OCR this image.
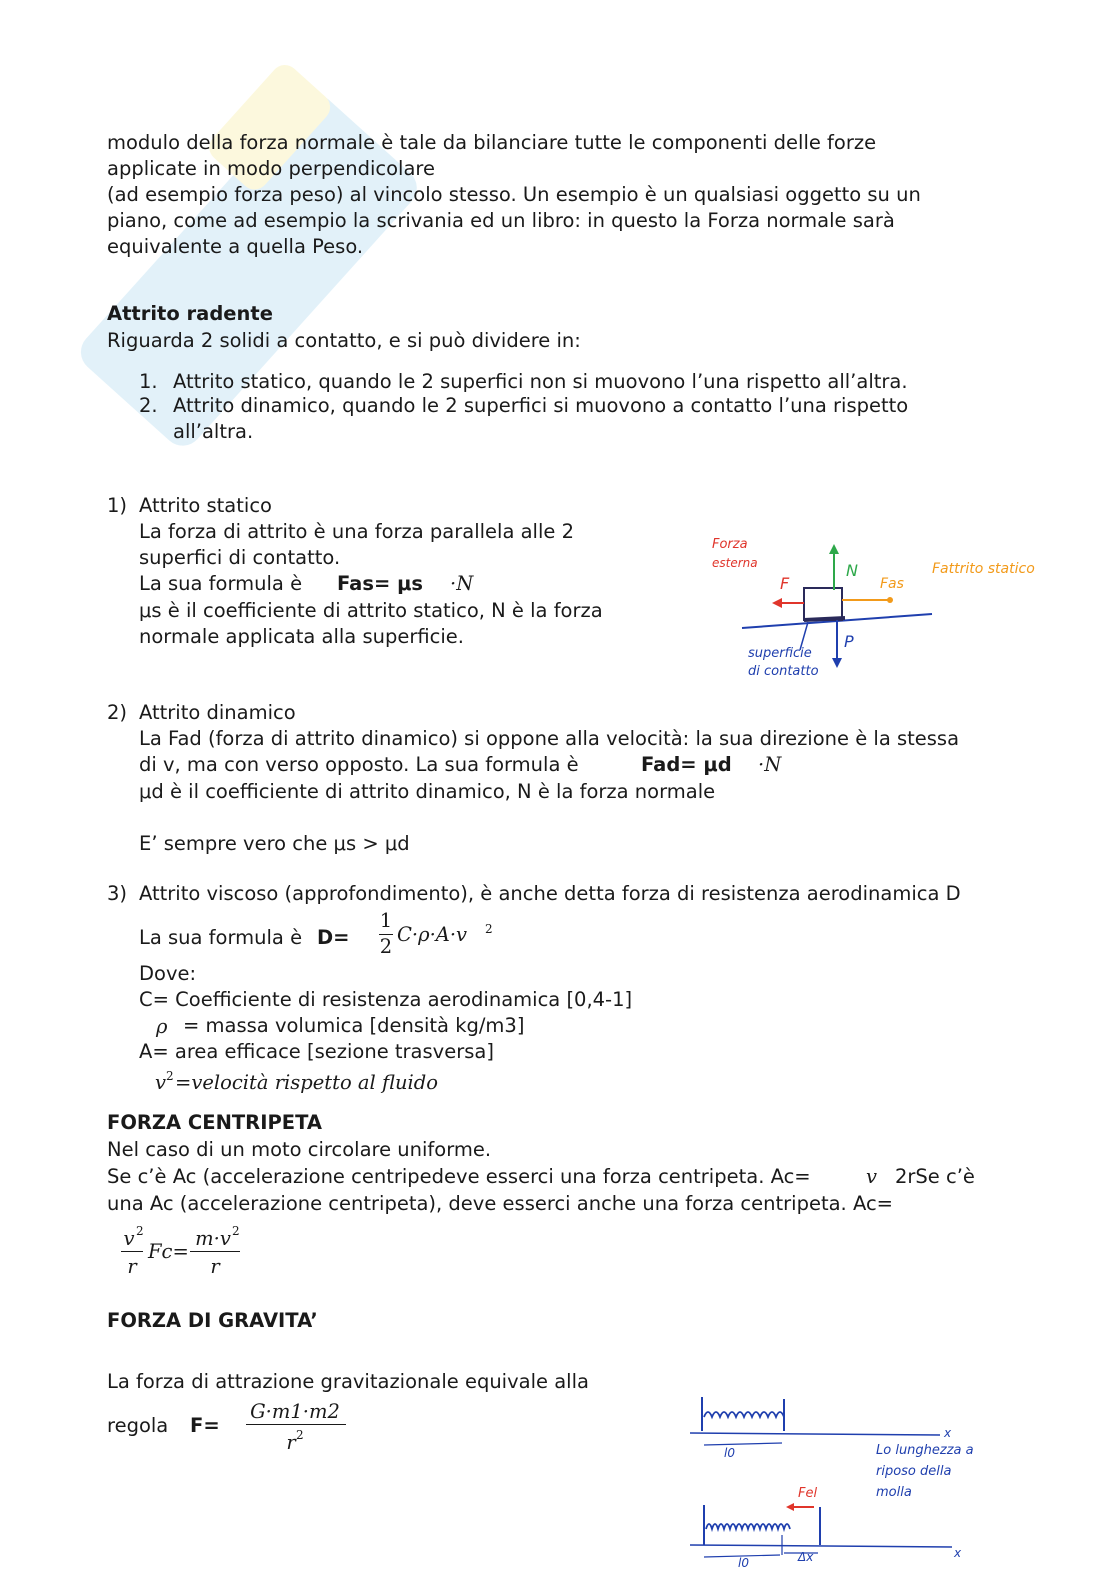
modulo della forza normale è tale da bilanciare tutte le componenti delle forze
applicate in modo perpendicolare
(ad esempio forza peso) al vincolo stesso. Un esempio è un qualsiasi oggetto su un
piano, come ad esempio la scrivania ed un libro: in questo la Forza normale sarà
equivalente a quella Peso.
Attrito radente
Riguarda 2 solidi a contatto, e si può dividere in:
1. Attrito statico, quando le 2 superfici non si muovono l’una rispetto all’altra.
2. Attrito dinamico, quando le 2 superfici si muovono a contatto l’una rispetto
all’altra.
1) Attrito statico
La forza di attrito è una forza parallela alle 2
superfici di contatto.
La sua formula è Fas= μs ·N
μs è il coefficiente di attrito statico, N è la forza
normale applicata alla superficie.
Forza
esterna
F
N
Fas
Fattrito statico
P
superficie
di contatto
2) Attrito dinamico
La Fad (forza di attrito dinamico) si oppone alla velocità: la sua direzione è la stessa
di v, ma con verso opposto. La sua formula è	Fad= μd ·N
μd è il coefficiente di attrito dinamico, N è la forza normale
E’ sempre vero che μs > μd
3) Attrito viscoso (approfondimento), è anche detta forza di resistenza aerodinamica D
La sua formula è D=
1
2
C·ρ·A·v 2
Dove:
C= Coefficiente di resistenza aerodinamica [0,4-1]
ρ = massa volumica [densità kg/m3]
A= area efficace [sezione trasversa]
v 2 =velocità rispetto al fluido
FORZA CENTRIPETA
Nel caso di un moto circolare uniforme.
Se c’è Ac (accelerazione centripedeve esserci una forza centripeta. Ac=	v 2rSe c’è
una Ac (accelerazione centripeta), deve esserci anche una forza centripeta. Ac=
v 2
r
Fc=
m·v 2
r
FORZA DI GRAVITA’
La forza di attrazione gravitazionale equivale alla
regola F=
G·m1·m2
r 2	x
l0	Lo lunghezza a
riposo della
molla
Fel
x
l0	Δx
